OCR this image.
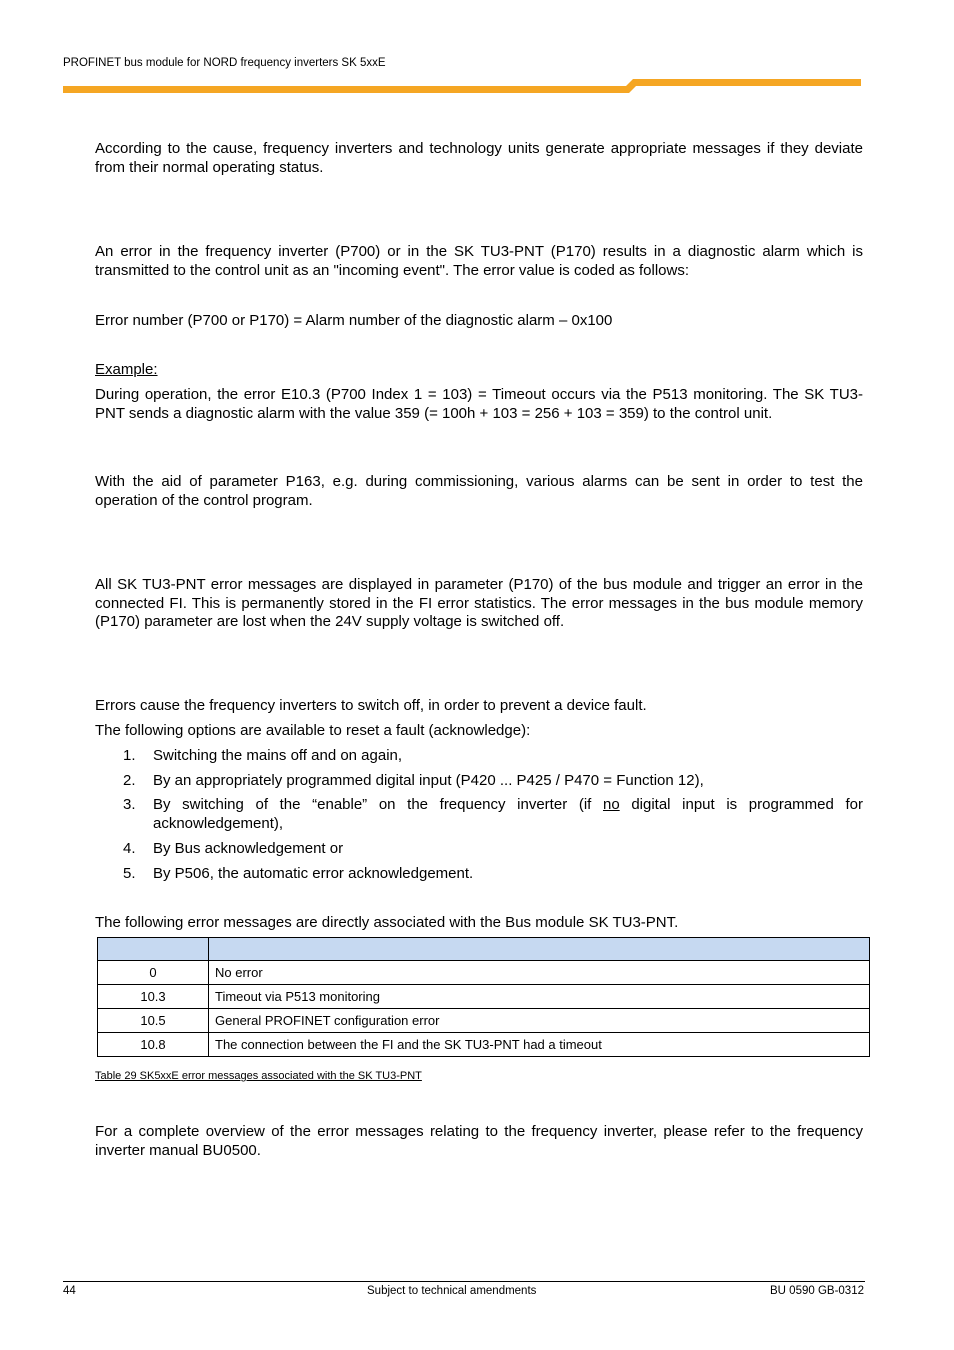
PROFINET bus module for NORD frequency inverters SK 5xxE

According to the cause, frequency inverters and technology units generate appropriate messages if they deviate from their normal operating status.

An error in the frequency inverter (P700) or in the SK TU3-PNT (P170) results in a diagnostic alarm which is transmitted to the control unit as an "incoming event". The error value is coded as follows:

Error number (P700 or P170) = Alarm number of the diagnostic alarm – 0x100

Example:

During operation, the error E10.3 (P700 Index 1 = 103) = Timeout occurs via the P513 monitoring. The SK TU3-PNT sends a diagnostic alarm with the value 359 (= 100h + 103 = 256 + 103 = 359) to the control unit.

With the aid of parameter P163, e.g. during commissioning, various alarms can be sent in order to test the operation of the control program.

All SK TU3-PNT error messages are displayed in parameter (P170) of the bus module and trigger an error in the connected FI. This is permanently stored in the FI error statistics. The error messages in the bus module memory (P170) parameter are lost when the 24V supply voltage is switched off.

Errors cause the frequency inverters to switch off, in order to prevent a device fault.

The following options are available to reset a fault (acknowledge):

1. Switching the mains off and on again,
2. By an appropriately programmed digital input (P420 ... P425 / P470 = Function 12),
3. By switching of the “enable” on the frequency inverter (if no digital input is programmed for acknowledgement),
4. By Bus acknowledgement or
5. By P506, the automatic error acknowledgement.

The following error messages are directly associated with the Bus module SK TU3-PNT.

0	No error
10.3	Timeout via P513 monitoring
10.5	General PROFINET configuration error
10.8	The connection between the FI and the SK TU3-PNT had a timeout
Table 29 SK5xxE error messages associated with the SK TU3-PNT

For a complete overview of the error messages relating to the frequency inverter, please refer to the frequency inverter manual BU0500.

44	Subject to technical amendments	BU 0590 GB-0312
